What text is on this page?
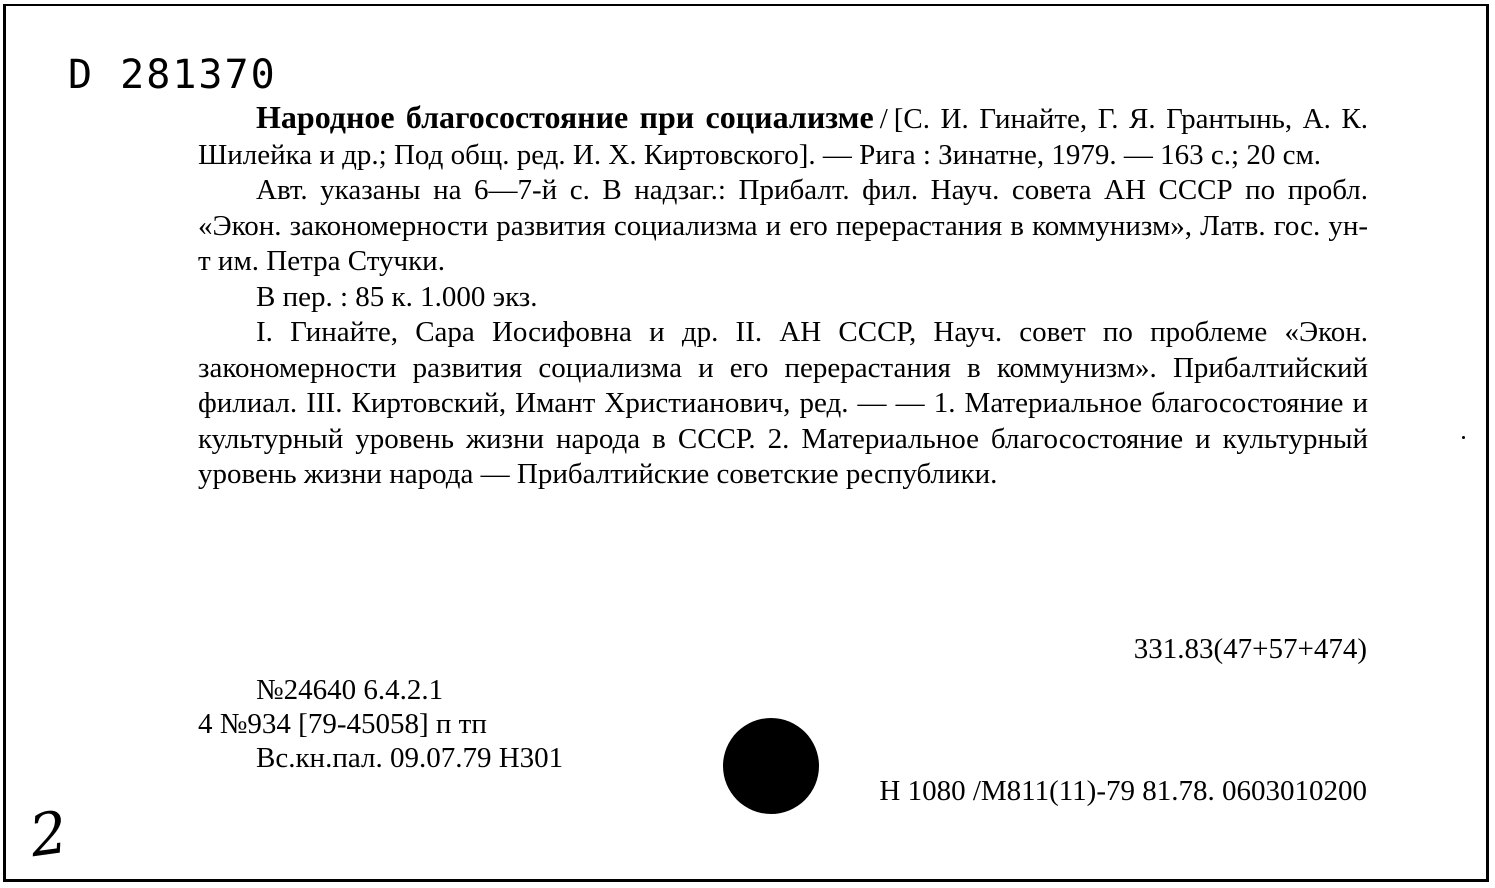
D 281370

Народное благосостояние при социализме / [С. И. Гинайте, Г. Я. Грантынь, А. К. Шилейка и др.; Под общ. ред. И. Х. Киртовского]. — Рига : Зинатне, 1979. — 163 с.; 20 см.

Авт. указаны на 6—7-й с. В надзаг.: Прибалт. фил. Науч. совета АН СССР по пробл. «Экон. закономерности развития социализма и его перерастания в коммунизм», Латв. гос. ун-т им. Петра Стучки.

В пер. : 85 к. 1.000 экз.

I. Гинайте, Сара Иосифовна и др. II. АН СССР, Науч. совет по проблеме «Экон. закономерности развития социализма и его перерастания в коммунизм». Прибалтийский филиал. III. Киртовский, Имант Христианович, ред. — — 1. Материальное благосостояние и культурный уровень жизни народа в СССР. 2. Материальное благосостояние и культурный уровень жизни народа — Прибалтийские советские республики.

331.83(47+57+474)
№24640 6.4.2.1
4 №934 [79-45058] п тп
Вс.кн.пал. 09.07.79 Н301
Н 1080 /М811(11)-79 81.78. 0603010200
2
